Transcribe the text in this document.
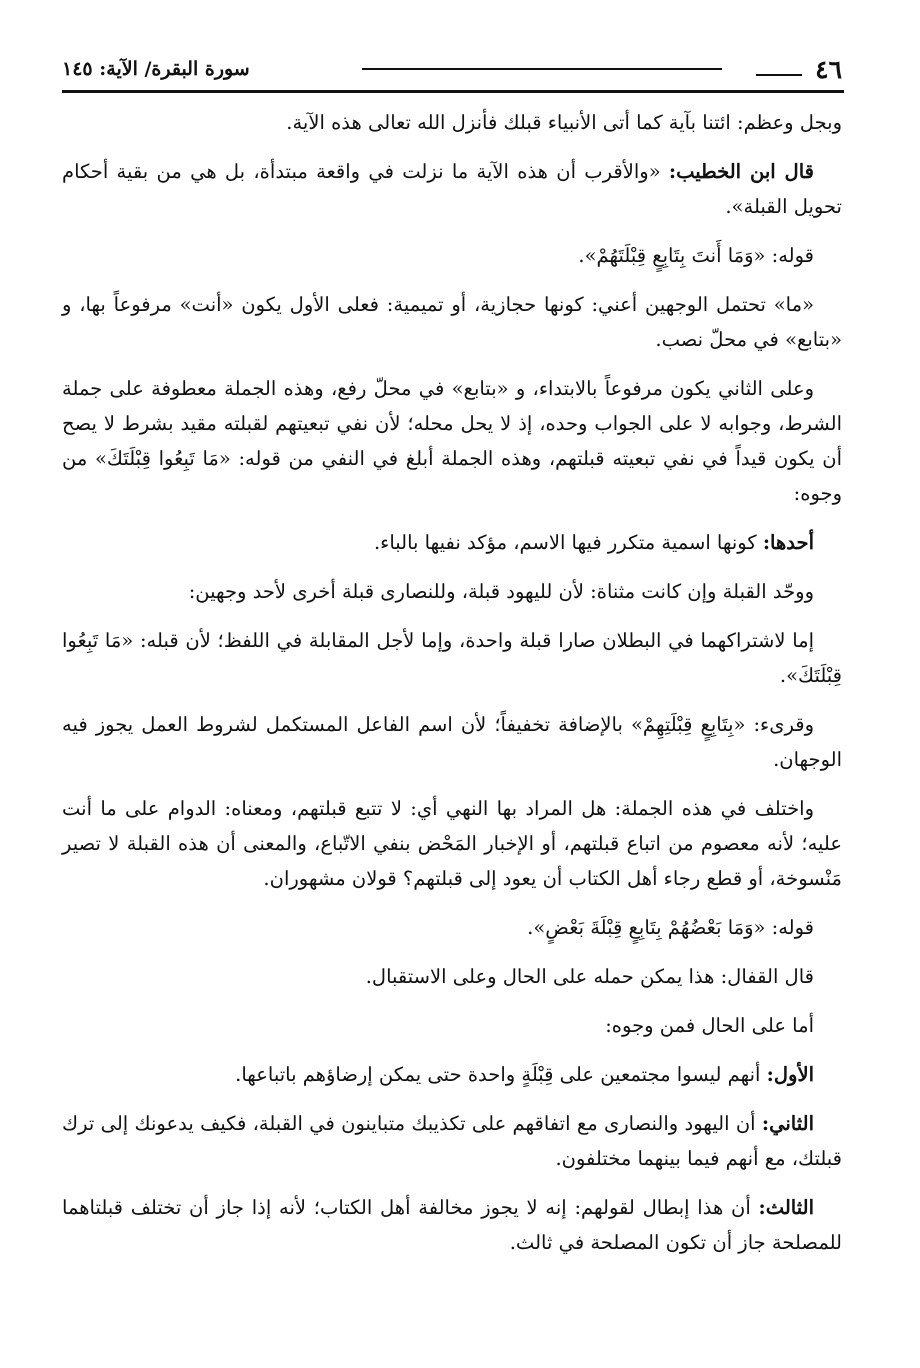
٤٦
سورة البقرة/ الآية: ١٤٥

وبجل وعظم: ائتنا بآية كما أتى الأنبياء قبلك فأنزل الله تعالى هذه الآية.

قال ابن الخطيب: «والأقرب أن هذه الآية ما نزلت في واقعة مبتدأة، بل هي من بقية أحكام تحويل القبلة».

قوله: «وَمَا أَنتَ بِتَابِعٍ قِبْلَتَهُمْ».

«ما» تحتمل الوجهين أعني: كونها حجازية، أو تميمية: فعلى الأول يكون «أنت» مرفوعاً بها، و «بتابع» في محلّ نصب.

وعلى الثاني يكون مرفوعاً بالابتداء، و «بتابع» في محلّ رفع، وهذه الجملة معطوفة على جملة الشرط، وجوابه لا على الجواب وحده، إذ لا يحل محله؛ لأن نفي تبعيتهم لقبلته مقيد بشرط لا يصح أن يكون قيداً في نفي تبعيته قبلتهم، وهذه الجملة أبلغ في النفي من قوله: «مَا تَبِعُوا قِبْلَتَكَ» من وجوه:

أحدها: كونها اسمية متكرر فيها الاسم، مؤكد نفيها بالباء.

ووحّد القبلة وإن كانت مثناة: لأن لليهود قبلة، وللنصارى قبلة أخرى لأحد وجهين:

إما لاشتراكهما في البطلان صارا قبلة واحدة، وإما لأجل المقابلة في اللفظ؛ لأن قبله: «مَا تَبِعُوا قِبْلَتَكَ».

وقرىء: «بِتَابِعٍ قِبْلَتِهِمْ» بالإضافة تخفيفاً؛ لأن اسم الفاعل المستكمل لشروط العمل يجوز فيه الوجهان.

واختلف في هذه الجملة: هل المراد بها النهي أي: لا تتبع قبلتهم، ومعناه: الدوام على ما أنت عليه؛ لأنه معصوم من اتباع قبلتهم، أو الإخبار المَحْض بنفي الاتّباع، والمعنى أن هذه القبلة لا تصير مَنْسوخة، أو قطع رجاء أهل الكتاب أن يعود إلى قبلتهم؟ قولان مشهوران.

قوله: «وَمَا بَعْضُهُمْ بِتَابِعٍ قِبْلَةَ بَعْضٍ».

قال القفال: هذا يمكن حمله على الحال وعلى الاستقبال.

أما على الحال فمن وجوه:

الأول: أنهم ليسوا مجتمعين على قِبْلَةٍ واحدة حتى يمكن إرضاؤهم باتباعها.

الثاني: أن اليهود والنصارى مع اتفاقهم على تكذيبك متباينون في القبلة، فكيف يدعونك إلى ترك قبلتك، مع أنهم فيما بينهما مختلفون.

الثالث: أن هذا إبطال لقولهم: إنه لا يجوز مخالفة أهل الكتاب؛ لأنه إذا جاز أن تختلف قبلتاهما للمصلحة جاز أن تكون المصلحة في ثالث.
